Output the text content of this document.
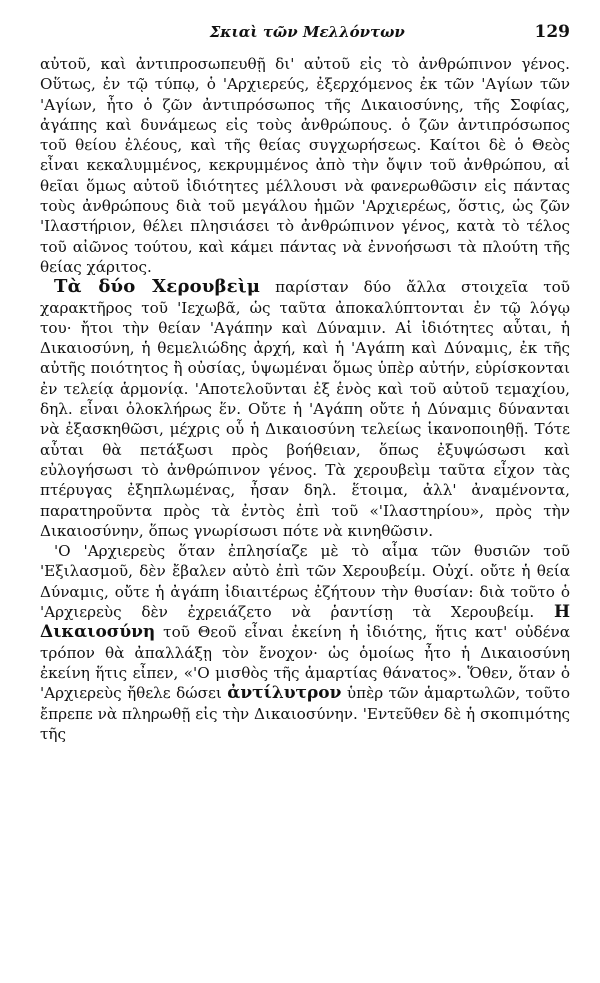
Σκιαὶ τῶν Μελλόντων	129

αὐτοῦ, καὶ ἀντιπροσωπευθῇ δι' αὐτοῦ εἰς τὸ ἀνθρώπινον γένος. Οὕτως, ἐν τῷ τύπῳ, ὁ 'Αρχιερεύς, ἐξερχόμενος ἐκ τῶν 'Αγίων τῶν 'Αγίων, ἦτο ὁ ζῶν ἀντιπρόσωπος τῆς Δικαιοσύνης, τῆς Σοφίας, ἀγάπης καὶ δυνάμεως εἰς τοὺς ἀνθρώπους. ὁ ζῶν ἀντιπρόσωπος τοῦ θείου ἐλέους, καὶ τῆς θείας συγχωρήσεως. Καίτοι δὲ ὁ Θεὸς εἶναι κεκαλυμμένος, κεκρυμμένος ἀπὸ τὴν ὄψιν τοῦ ἀνθρώπου, αἱ θεῖαι ὅμως αὐτοῦ ἰδιότητες μέλλουσι νὰ φανερωθῶσιν εἰς πάντας τοὺς ἀνθρώπους διὰ τοῦ μεγάλου ἡμῶν 'Αρχιερέως, ὅστις, ὡς ζῶν 'Ιλαστήριον, θέλει πλησιάσει τὸ ἀνθρώπινον γένος, κατὰ τὸ τέλος τοῦ αἰῶνος τούτου, καὶ κάμει πάντας νὰ ἐννοήσωσι τὰ πλούτη τῆς θείας χάριτος.

Τὰ δύο Χερουβεὶμ παρίσταν δύο ἄλλα στοιχεῖα τοῦ χαρακτῆρος τοῦ 'Ιεχωβᾶ, ὡς ταῦτα ἀποκαλύπτονται ἐν τῷ λόγῳ του· ἤτοι τὴν θείαν 'Αγάπην καὶ Δύναμιν. Αἱ ἰδιότητες αὗται, ἡ Δικαιοσύνη, ἡ θεμελιώδης ἀρχή, καὶ ἡ 'Αγάπη καὶ Δύναμις, ἐκ τῆς αὐτῆς ποιότητος ἢ οὐσίας, ὑψωμέναι ὅμως ὑπὲρ αὐτήν, εὑρίσκονται ἐν τελείᾳ ἁρμονίᾳ. 'Αποτελοῦνται ἐξ ἑνὸς καὶ τοῦ αὐτοῦ τεμαχίου, δηλ. εἶναι ὁλοκλήρως ἕν. Οὔτε ἡ 'Αγάπη οὔτε ἡ Δύναμις δύνανται νὰ ἐξασκηθῶσι, μέχρις οὗ ἡ Δικαιοσύνη τελείως ἱκανοποιηθῇ. Τότε αὗται θὰ πετάξωσι πρὸς βοήθειαν, ὅπως ἐξυψώσωσι καὶ εὐλογήσωσι τὸ ἀνθρώπινον γένος. Τὰ χερουβεὶμ ταῦτα εἶχον τὰς πτέρυγας ἐξηπλωμένας, ἦσαν δηλ. ἕτοιμα, ἀλλ' ἀναμένοντα, παρατηροῦντα πρὸς τὰ ἐντὸς ἐπὶ τοῦ «'Ιλαστηρίου», πρὸς τὴν Δικαιοσύνην, ὅπως γνωρίσωσι πότε νὰ κινηθῶσιν.

'Ο 'Αρχιερεὺς ὅταν ἐπλησίαζε μὲ τὸ αἷμα τῶν θυσιῶν τοῦ 'Εξιλασμοῦ, δὲν ἔβαλεν αὐτὸ ἐπὶ τῶν Χερουβείμ. Οὐχί. οὔτε ἡ θεία Δύναμις, οὔτε ἡ ἀγάπη ἰδιαιτέρως ἐζήτουν τὴν θυσίαν: διὰ τοῦτο ὁ 'Αρχιερεὺς δὲν ἐχρειάζετο νὰ ῥαντίσῃ τὰ Χερουβείμ. Η Δικαιοσύνη τοῦ Θεοῦ εἶναι ἐκείνη ἡ ἰδιότης, ἥτις κατ' οὐδένα τρόπον θὰ ἀπαλλάξῃ τὸν ἔνοχον· ὡς ὁμοίως ἦτο ἡ Δικαιοσύνη ἐκείνη ἥτις εἶπεν, «'Ο μισθὸς τῆς ἁμαρτίας θάνατος». Ὅθεν, ὅταν ὁ 'Αρχιερεὺς ἤθελε δώσει ἀντίλυτρον ὑπὲρ τῶν ἁμαρτωλῶν, τοῦτο ἔπρεπε νὰ πληρωθῇ εἰς τὴν Δικαιοσύνην. 'Εντεῦθεν δὲ ἡ σκοπιμότης τῆς
